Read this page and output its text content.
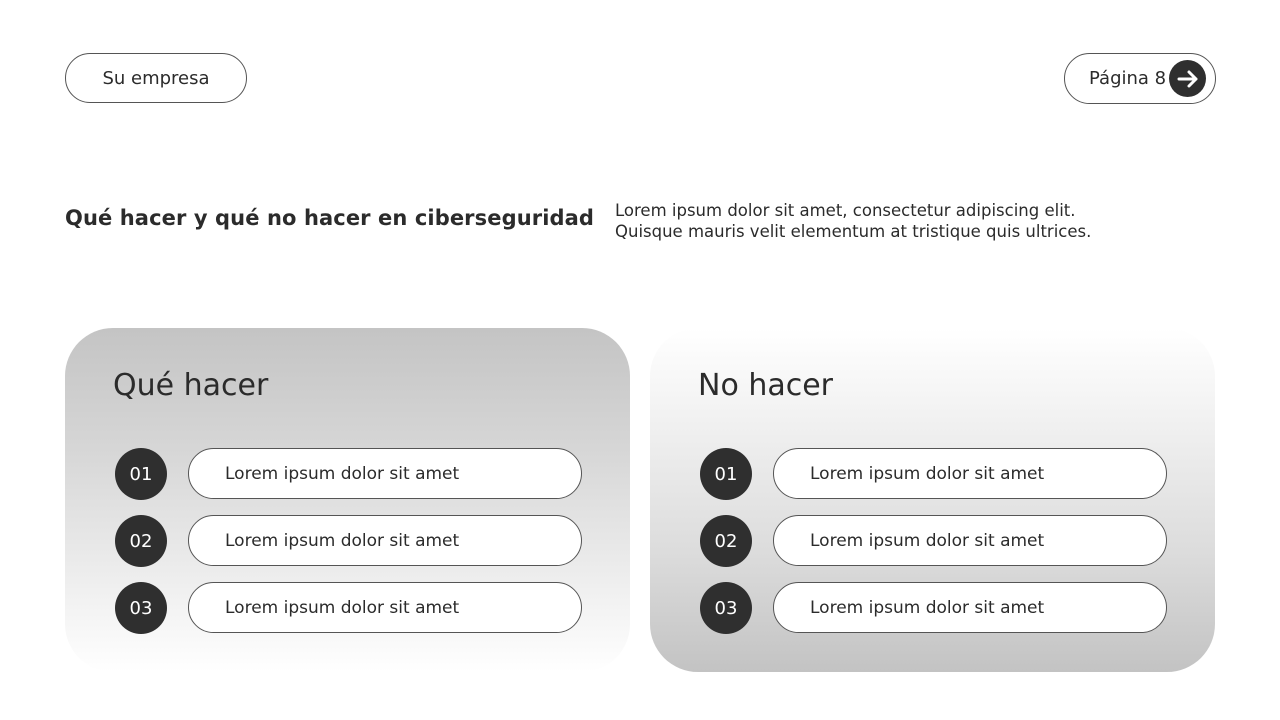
Su empresa	Página 8
Qué hacer y qué no hacer en ciberseguridad Lorem ipsum dolor sit amet, consectetur adipiscing elit.

Quisque mauris velit elementum at tristique quis ultrices.

Qué hacer
01	Lorem ipsum dolor sit amet
02	Lorem ipsum dolor sit amet
03	Lorem ipsum dolor sit amet
No hacer
01	Lorem ipsum dolor sit amet
02	Lorem ipsum dolor sit amet
03	Lorem ipsum dolor sit amet
